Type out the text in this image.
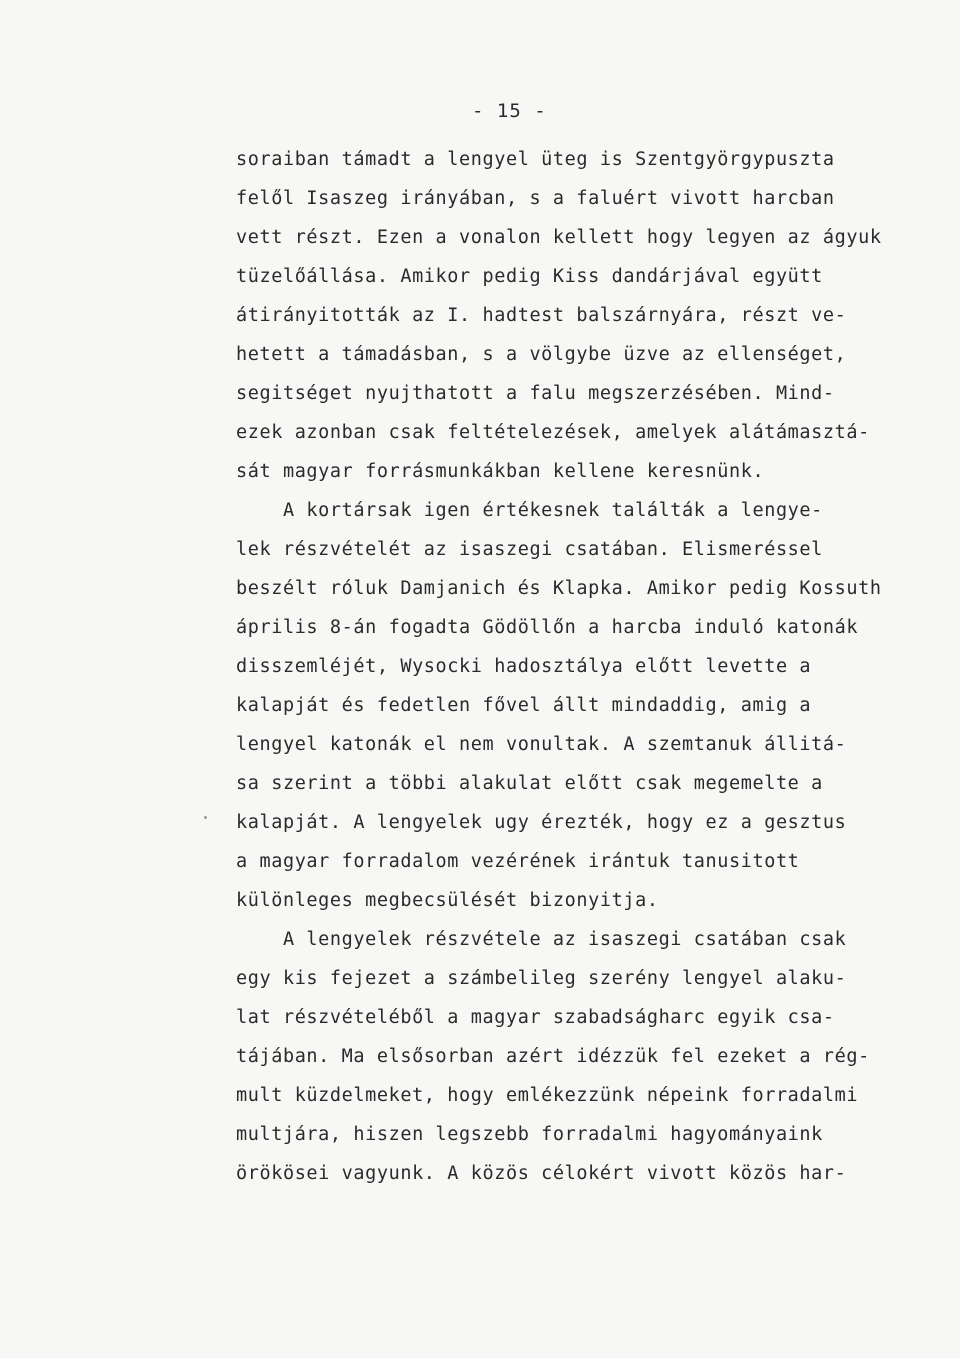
- 15 -
soraiban támadt a lengyel üteg is Szentgyörgypuszta
felől Isaszeg irányában, s a faluért vivott harcban
vett részt. Ezen a vonalon kellett hogy legyen az ágyuk
tüzelőállása. Amikor pedig Kiss dandárjával együtt
átirányitották az I. hadtest balszárnyára, részt ve-
hetett a támadásban, s a völgybe üzve az ellenséget,
segitséget nyujthatott a falu megszerzésében. Mind-
ezek azonban csak feltételezések, amelyek alátámasztá-
sát magyar forrásmunkákban kellene keresnünk.
A kortársak igen értékesnek találták a lengye-
lek részvételét az isaszegi csatában. Elismeréssel
beszélt róluk Damjanich és Klapka. Amikor pedig Kossuth
április 8-án fogadta Gödöllőn a harcba induló katonák
disszemléjét, Wysocki hadosztálya előtt levette a
kalapját és fedetlen fővel állt mindaddig, amig a
lengyel katonák el nem vonultak. A szemtanuk állitá-
sa szerint a többi alakulat előtt csak megemelte a
kalapját. A lengyelek ugy érezték, hogy ez a gesztus
a magyar forradalom vezérének irántuk tanusitott
különleges megbecsülését bizonyitja.
A lengyelek részvétele az isaszegi csatában csak
egy kis fejezet a számbelileg szerény lengyel alaku-
lat részvételéből a magyar szabadságharc egyik csa-
tájában. Ma elsősorban azért idézzük fel ezeket a rég-
mult küzdelmeket, hogy emlékezzünk népeink forradalmi
multjára, hiszen legszebb forradalmi hagyományaink
örökösei vagyunk. A közös célokért vivott közös har-
